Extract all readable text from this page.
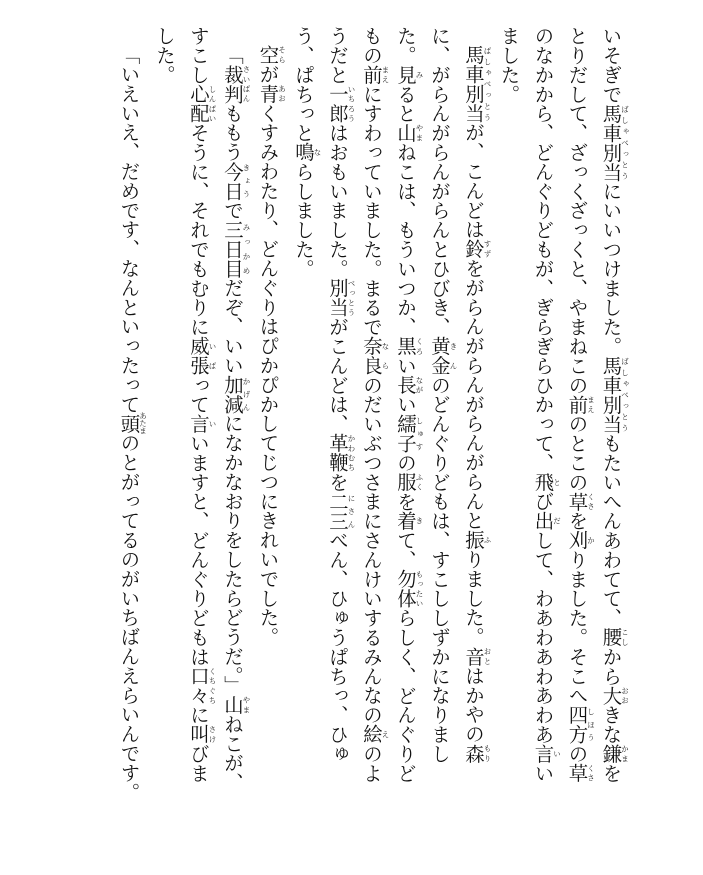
いそぎで馬車別当ばしゃべっとうにいいつけました。馬車別当ばしゃべっとうもたいへんあわてて、腰こしから大おおきな鎌かまをとりだして、ざっくざっくと、やまねこの前まえのとこの草くさを刈かりました。そこへ四方しほうの草くさのなかから、どんぐりどもが、ぎらぎらひかって、飛とび出だして、わあわあわあわあ言いいました。

馬車別当ばしゃべっとうが、こんどは鈴すずをがらんがらんがらんがらんと振ふりました。音おとはかやの森もりに、がらんがらんがらんとひびき、黄金きんのどんぐりどもは、すこししずかになりました。見みると山やまねこは、もういつか、黒くろい長ながい繻子しゅすの服ふくを着きて、勿体もったいらしく、どんぐりどもの前まえにすわっていました。まるで奈良ならのだいぶつさまにさんけいするみんなの絵えのようだと一郎いちろうはおもいました。別当べっとうがこんどは、革鞭かわむちを二三にさんべん、ひゅうぱちっ、ひゅう、ぱちっと鳴ならしました。

空そらが青あおくすみわたり、どんぐりはぴかぴかしてじつにきれいでした。

「裁判さいばんももう今日きょうで三日目みっかめだぞ、いい加減かげんになかなおりをしたらどうだ。」山やまねこが、すこし心配しんぱいそうに、それでもむりに威張いばって言いいますと、どんぐりどもは口々くちぐちに叫さけびました。

「いえいえ、だめです、なんといったって頭あたまのとがってるのがいちばんえらいんです。
